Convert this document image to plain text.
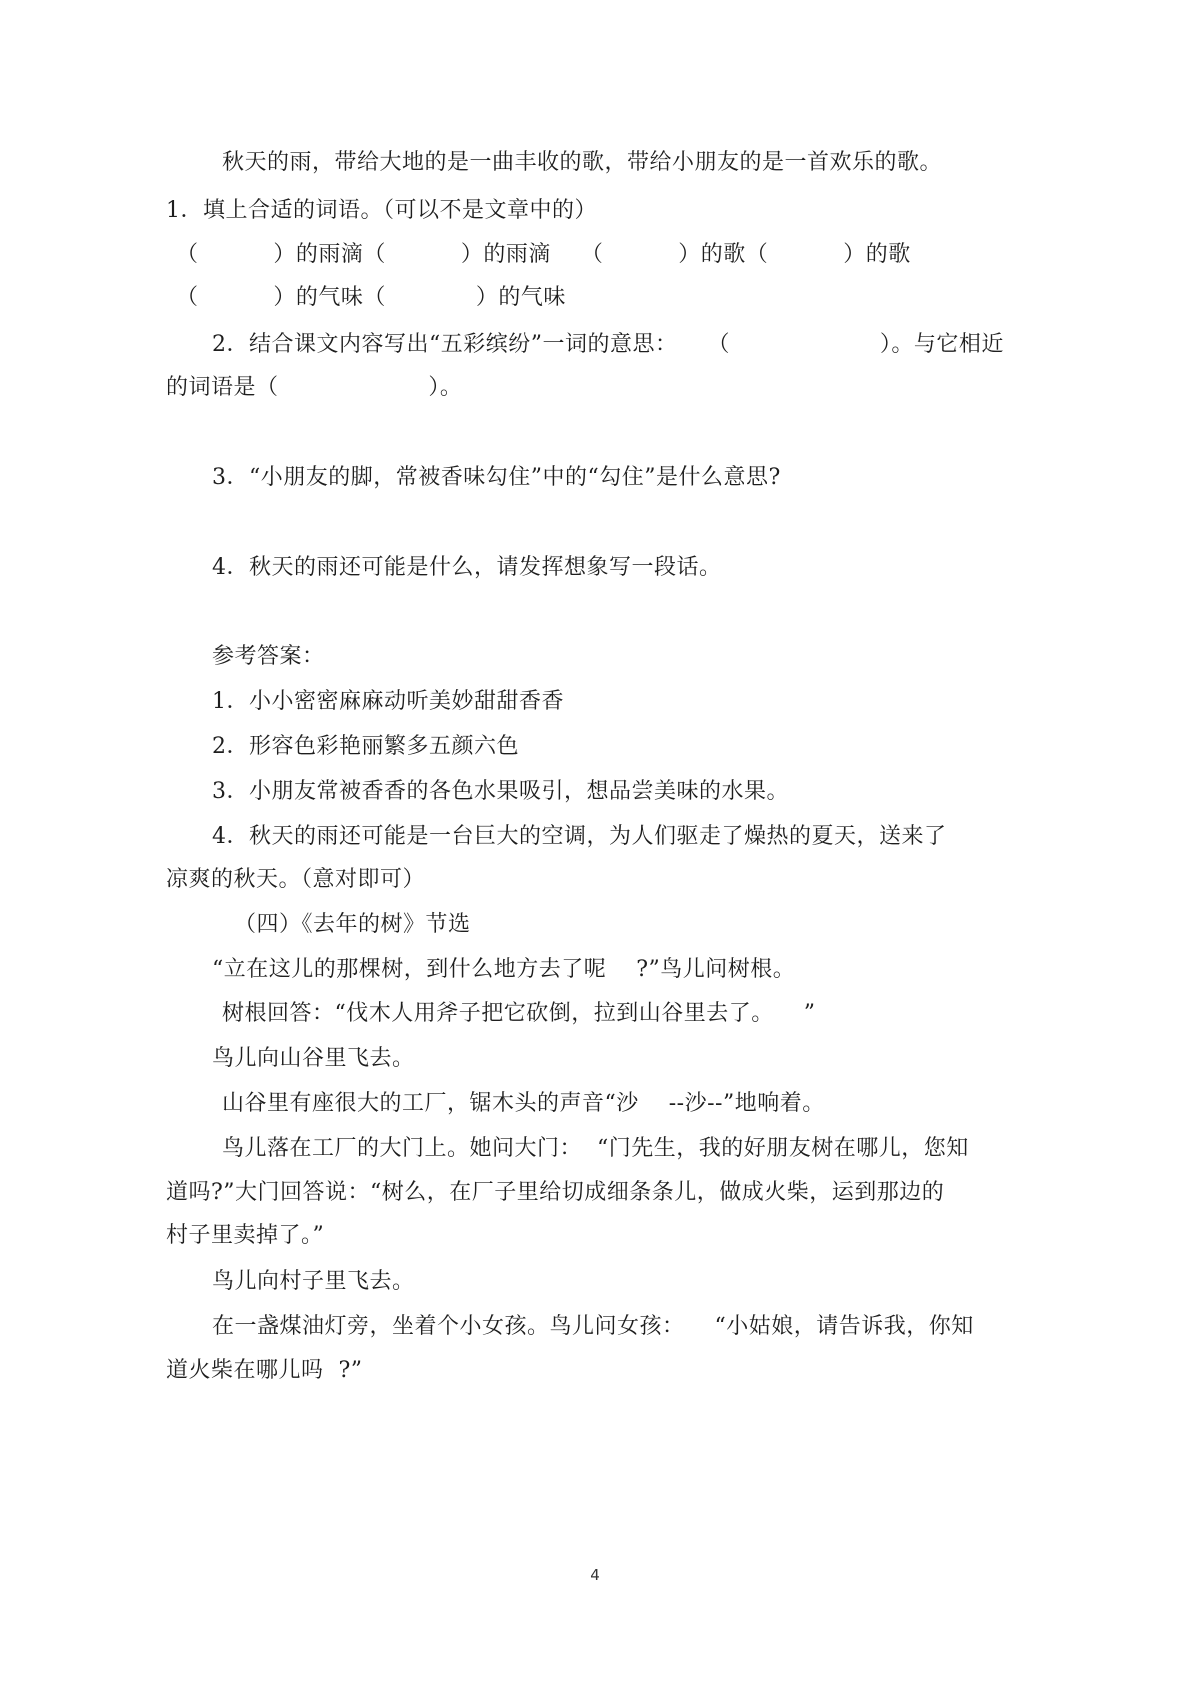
秋天的雨，带给大地的是一曲丰收的歌，带给小朋友的是一首欢乐的歌。
1．填上合适的词语。（可以不是文章中的）
（          ）的雨滴（          ）的雨滴    （          ）的歌（          ）的歌
（          ）的气味（            ）的气味
2．结合课文内容写出“五彩缤纷”一词的意思：    （                    ）。与它相近
的词语是（                    ）。
3．“小朋友的脚，常被香味勾住”中的“勾住”是什么意思?
4．秋天的雨还可能是什么，请发挥想象写一段话。
参考答案：
1．小小密密麻麻动听美妙甜甜香香
2．形容色彩艳丽繁多五颜六色
3．小朋友常被香香的各色水果吸引，想品尝美味的水果。
4．秋天的雨还可能是一台巨大的空调，为人们驱走了燥热的夏天，送来了
凉爽的秋天。（意对即可）
（四）《去年的树》节选
“立在这儿的那棵树，到什么地方去了呢    ?”鸟儿问树根。
树根回答：“伐木人用斧子把它砍倒，拉到山谷里去了。    ”
鸟儿向山谷里飞去。
山谷里有座很大的工厂，锯木头的声音“沙    --沙--”地响着。
鸟儿落在工厂的大门上。她问大门：  “门先生，我的好朋友树在哪儿，您知
道吗?”大门回答说：“树么，在厂子里给切成细条条儿，做成火柴，运到那边的
村子里卖掉了。”
鸟儿向村子里飞去。
在一盏煤油灯旁，坐着个小女孩。鸟儿问女孩：    “小姑娘，请告诉我，你知
道火柴在哪儿吗  ?”
4
